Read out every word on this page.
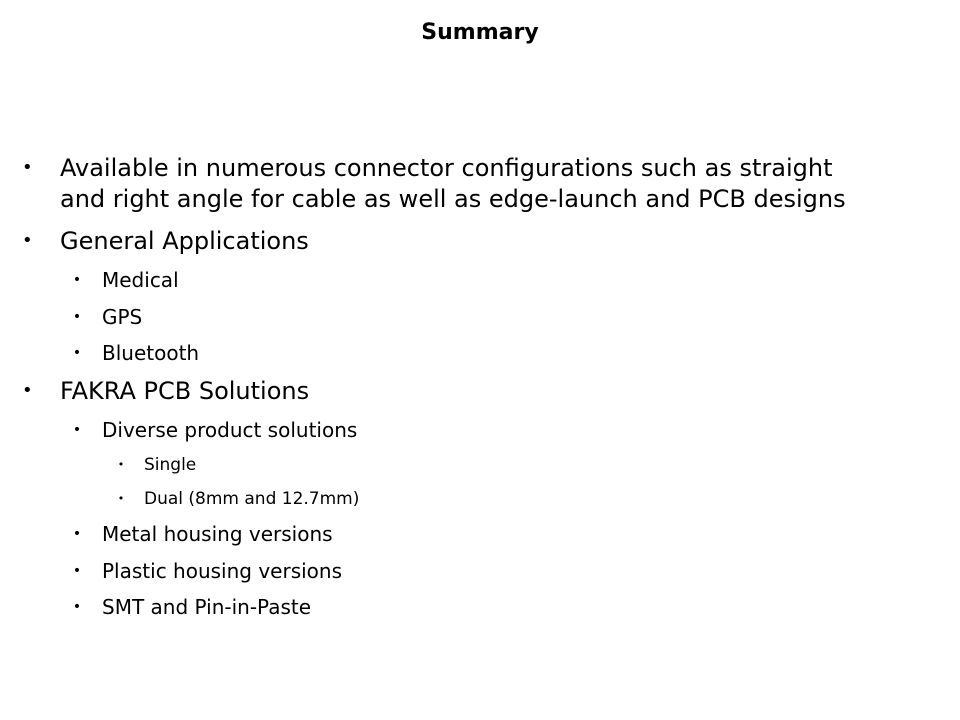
Summary
• Available in numerous connector configurations such as straight
and right angle for cable as well as edge-launch and PCB designs
• General Applications
• Medical
• GPS
• Bluetooth
• FAKRA PCB Solutions
• Diverse product solutions
• Single
• Dual (8mm and 12.7mm)
• Metal housing versions
• Plastic housing versions
• SMT and Pin-in-Paste
